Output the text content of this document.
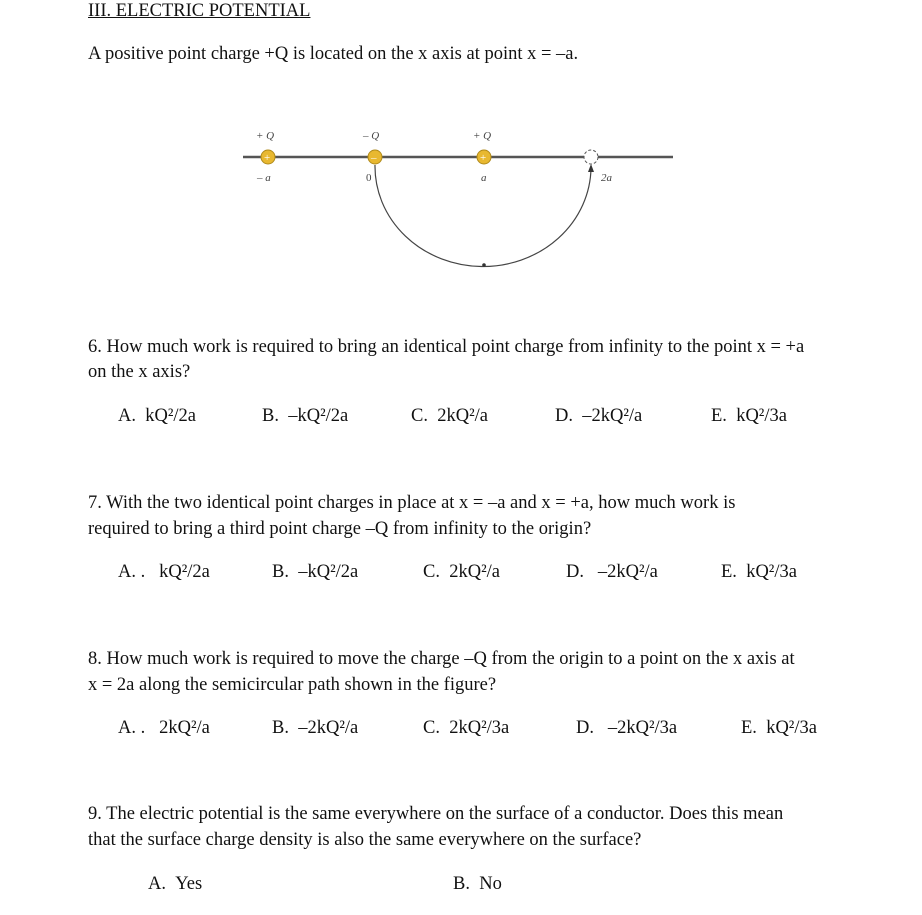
III. ELECTRIC POTENTIAL
A positive point charge +Q is located on the x axis at point x = –a.
+	–	+
+ Q	– Q	+ Q
– a	0	a	2a
6. How much work is required to bring an identical point charge from infinity to the point x = +a
on the x axis?
A. kQ²/2a	B. –kQ²/2a	C. 2kQ²/a	D. –2kQ²/a	E. kQ²/3a
7. With the two identical point charges in place at x = –a and x = +a, how much work is
required to bring a third point charge –Q from infinity to the origin?
A. . kQ²/2a	B. –kQ²/2a	C. 2kQ²/a	D. –2kQ²/a	E. kQ²/3a
8. How much work is required to move the charge –Q from the origin to a point on the x axis at
x = 2a along the semicircular path shown in the figure?
A. . 2kQ²/a	B. –2kQ²/a	C. 2kQ²/3a	D. –2kQ²/3a	E. kQ²/3a
9. The electric potential is the same everywhere on the surface of a conductor. Does this mean
that the surface charge density is also the same everywhere on the surface?
A. Yes	B. No
